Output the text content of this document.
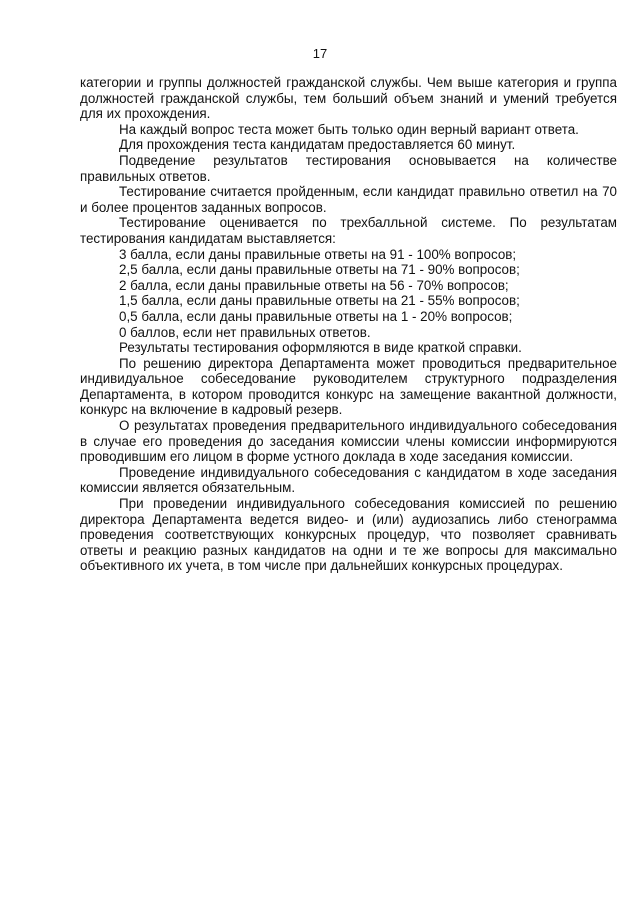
17

категории и группы должностей гражданской службы. Чем выше категория и группа должностей гражданской службы, тем больший объем знаний и умений требуется для их прохождения.

На каждый вопрос теста может быть только один верный вариант ответа.

Для прохождения теста кандидатам предоставляется 60 минут.

Подведение результатов тестирования основывается на количестве правильных ответов.

Тестирование считается пройденным, если кандидат правильно ответил на 70 и более процентов заданных вопросов.

Тестирование оценивается по трехбалльной системе. По результатам тестирования кандидатам выставляется:

3 балла, если даны правильные ответы на 91 - 100% вопросов;

2,5 балла, если даны правильные ответы на 71 - 90% вопросов;

2 балла, если даны правильные ответы на 56 - 70% вопросов;

1,5 балла, если даны правильные ответы на 21 - 55% вопросов;

0,5 балла, если даны правильные ответы на 1 - 20% вопросов;

0 баллов, если нет правильных ответов.

Результаты тестирования оформляются в виде краткой справки.

По решению директора Департамента может проводиться предварительное индивидуальное собеседование руководителем структурного подразделения Департамента, в котором проводится конкурс на замещение вакантной должности, конкурс на включение в кадровый резерв.

О результатах проведения предварительного индивидуального собеседования в случае его проведения до заседания комиссии члены комиссии информируются проводившим его лицом в форме устного доклада в ходе заседания комиссии.

Проведение индивидуального собеседования с кандидатом в ходе заседания комиссии является обязательным.

При проведении индивидуального собеседования комиссией по решению директора Департамента ведется видео- и (или) аудиозапись либо стенограмма проведения соответствующих конкурсных процедур, что позволяет сравнивать ответы и реакцию разных кандидатов на одни и те же вопросы для максимально объективного их учета, в том числе при дальнейших конкурсных процедурах.
